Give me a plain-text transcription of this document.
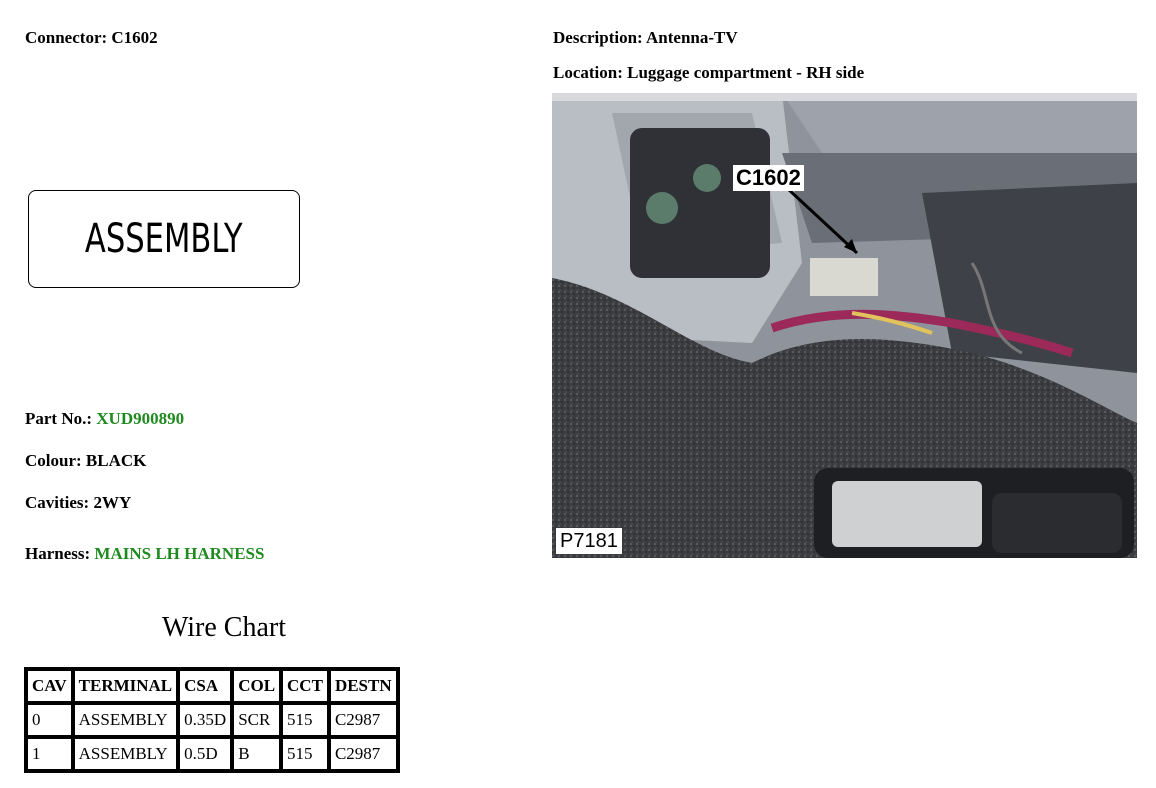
Connector: C1602	Description: Antenna-TV
Location: Luggage compartment - RH side
ASSEMBLY
Part No.: XUD900890
Colour: BLACK
Cavities: 2WY
Harness: MAINS LH HARNESS
Wire Chart
CAV	TERMINAL	CSA	COL	CCT	DESTN
0	ASSEMBLY	0.35D	SCR	515	C2987
1	ASSEMBLY	0.5D	B	515	C2987
C1602
P7181
